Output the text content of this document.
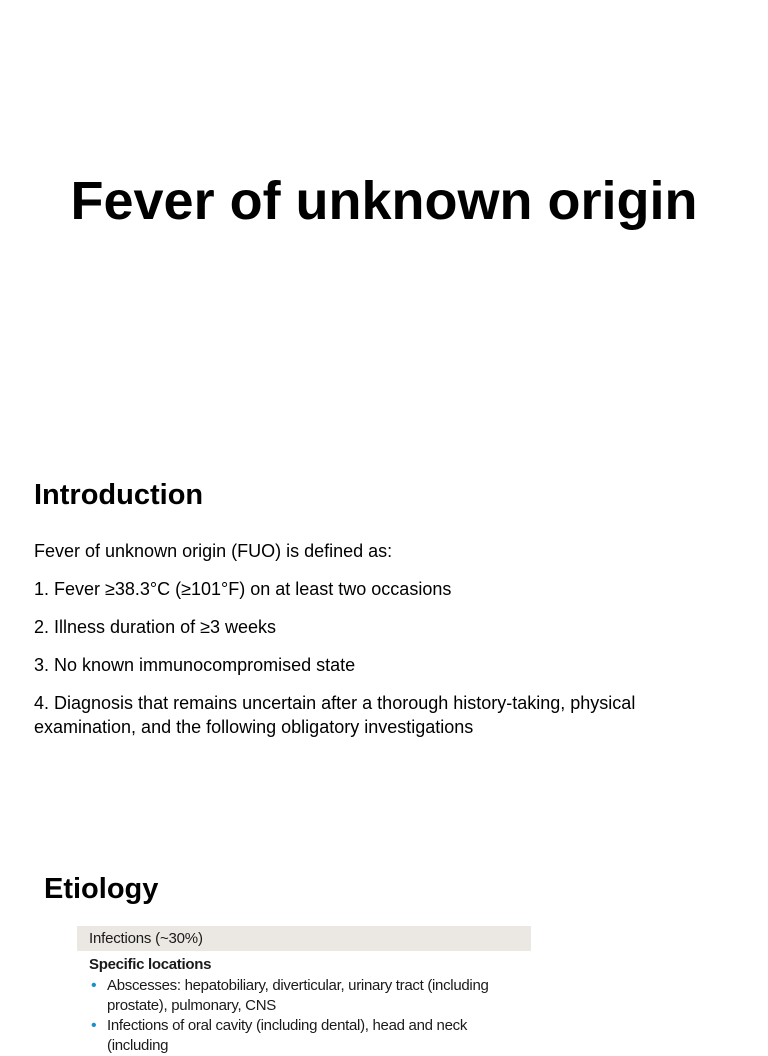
Fever of unknown origin
Introduction

Fever of unknown origin (FUO) is defined as:

1. Fever ≥38.3°C (≥101°F) on at least two occasions
2. Illness duration of ≥3 weeks
3. No known immunocompromised state
4. Diagnosis that remains uncertain after a thorough history-taking, physical examination, and the following obligatory investigations
Etiology
Infections (~30%)
Specific locations
• Abscesses: hepatobiliary, diverticular, urinary tract (including prostate), pulmonary, CNS
• Infections of oral cavity (including dental), head and neck (including
